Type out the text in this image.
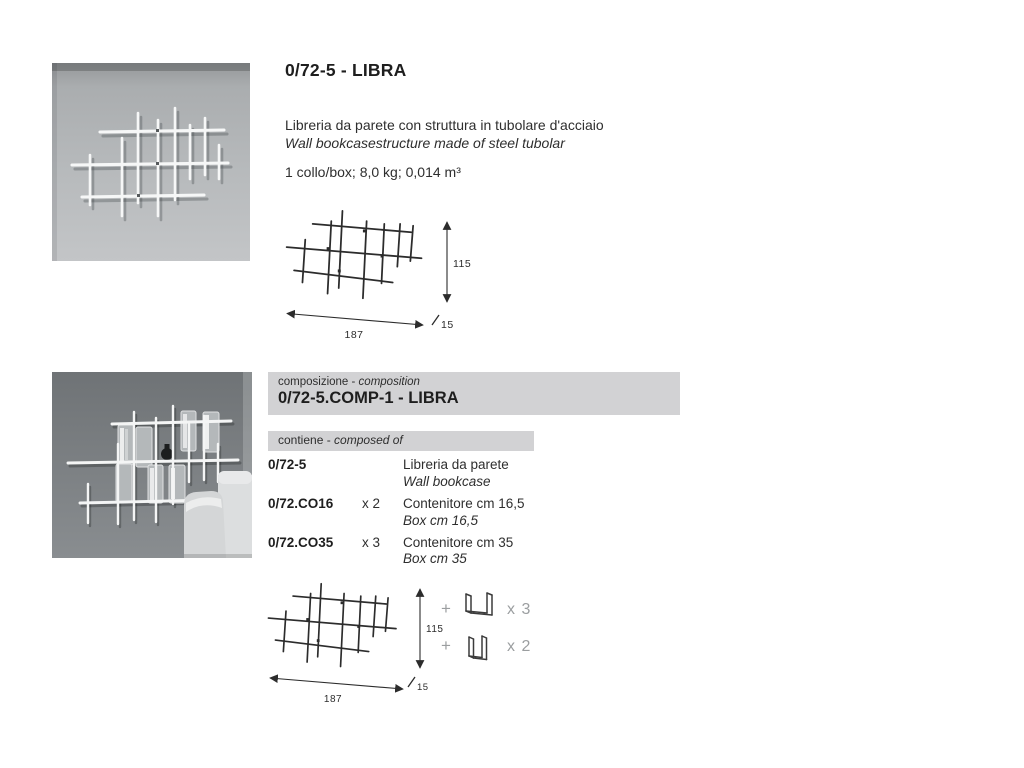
0/72-5 - LIBRA

Libreria da parete con struttura in tubolare d'acciaio

Wall bookcasestructure made of steel tubolar

1 collo/box; 8,0 kg; 0,014 m³

115
187
15
composizione - composition
0/72-5.COMP-1 - LIBRA
contiene - composed of
0/72-5	Libreria da parete
Wall bookcase
0/72.CO16	x 2	Contenitore cm 16,5
Box cm 16,5
0/72.CO35	x 3	Contenitore cm 35
Box cm 35
115
187
15
+	x 3
+	x 2
